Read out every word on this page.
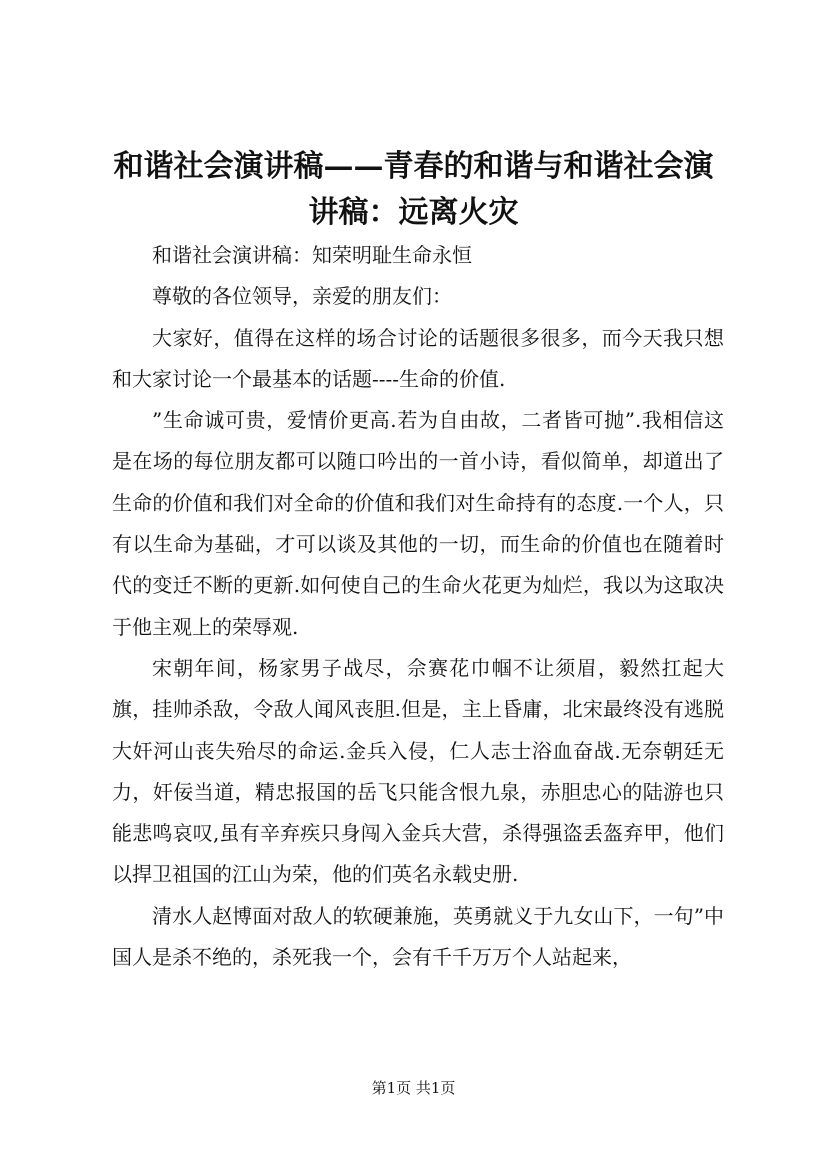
和谐社会演讲稿——青春的和谐与和谐社会演讲稿：远离火灾

和谐社会演讲稿：知荣明耻生命永恒

尊敬的各位领导，亲爱的朋友们：

大家好，值得在这样的场合讨论的话题很多很多，而今天我只想和大家讨论一个最基本的话题----生命的价值.

”生命诚可贵，爱情价更高.若为自由故，二者皆可抛”.我相信这是在场的每位朋友都可以随口吟出的一首小诗，看似简单，却道出了生命的价值和我们对全命的价值和我们对生命持有的态度.一个人，只有以生命为基础，才可以谈及其他的一切，而生命的价值也在随着时代的变迁不断的更新.如何使自己的生命火花更为灿烂，我以为这取决于他主观上的荣辱观.

宋朝年间，杨家男子战尽，佘赛花巾帼不让须眉，毅然扛起大旗，挂帅杀敌，令敌人闻风丧胆.但是，主上昏庸，北宋最终没有逃脱大奸河山丧失殆尽的命运.金兵入侵，仁人志士浴血奋战.无奈朝廷无力，奸佞当道，精忠报国的岳飞只能含恨九泉，赤胆忠心的陆游也只能悲鸣哀叹,虽有辛弃疾只身闯入金兵大营，杀得强盗丢盔弃甲，他们以捍卫祖国的江山为荣，他的们英名永载史册.

清水人赵博面对敌人的软硬兼施，英勇就义于九女山下，一句”中国人是杀不绝的，杀死我一个，会有千千万万个人站起来，

第1页 共1页
